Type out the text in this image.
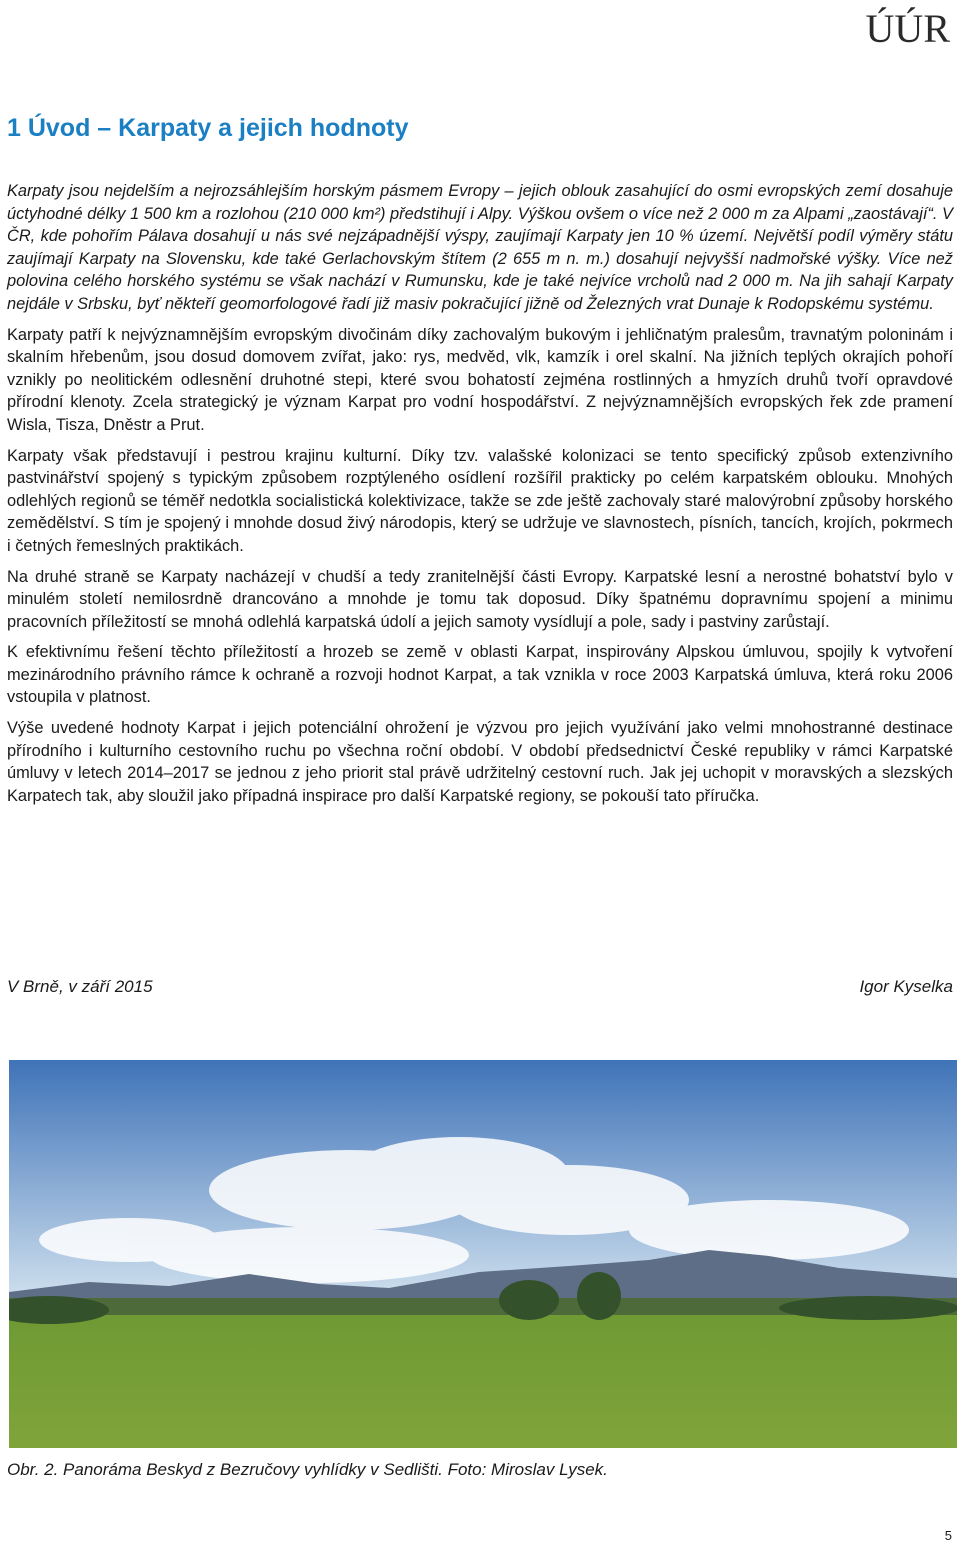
ÚÚR
1 Úvod – Karpaty a jejich hodnoty

Karpaty jsou nejdelším a nejrozsáhlejším horským pásmem Evropy – jejich oblouk zasahující do osmi evropských zemí dosahuje úctyhodné délky 1 500 km a rozlohou (210 000 km²) předstihují i Alpy. Výškou ovšem o více než 2 000 m za Alpami „zaostávají“. V ČR, kde pohořím Pálava dosahují u nás své nejzápadnější výspy, zaujímají Karpaty jen 10 % území. Největší podíl výměry státu zaujímají Karpaty na Slovensku, kde také Gerlachovským štítem (2 655 m n. m.) dosahují nejvyšší nadmořské výšky. Více než polovina celého horského systému se však nachází v Rumunsku, kde je také nejvíce vrcholů nad 2 000 m. Na jih sahají Karpaty nejdále v Srbsku, byť někteří geomorfologové řadí již masiv pokračující jižně od Železných vrat Dunaje k Rodopskému systému.

Karpaty patří k nejvýznamnějším evropským divočinám díky zachovalým bukovým i jehličnatým pralesům, travnatým poloninám i skalním hřebenům, jsou dosud domovem zvířat, jako: rys, medvěd, vlk, kamzík i orel skalní. Na jižních teplých okrajích pohoří vznikly po neolitickém odlesnění druhotné stepi, které svou bohatostí zejména rostlinných a hmyzích druhů tvoří opravdové přírodní klenoty. Zcela strategický je význam Karpat pro vodní hospodářství. Z nejvýznamnějších evropských řek zde pramení Wisla, Tisza, Dněstr a Prut.

Karpaty však představují i pestrou krajinu kulturní. Díky tzv. valašské kolonizaci se tento specifický způsob extenzivního pastvinářství spojený s typickým způsobem rozptýleného osídlení rozšířil prakticky po celém karpatském oblouku. Mnohých odlehlých regionů se téměř nedotkla socialistická kolektivizace, takže se zde ještě zachovaly staré malovýrobní způsoby horského zemědělství. S tím je spojený i mnohde dosud živý národopis, který se udržuje ve slavnostech, písních, tancích, krojích, pokrmech i četných řemeslných praktikách.

Na druhé straně se Karpaty nacházejí v chudší a tedy zranitelnější části Evropy. Karpatské lesní a nerostné bohatství bylo v minulém století nemilosrdně drancováno a mnohde je tomu tak doposud. Díky špatnému dopravnímu spojení a minimu pracovních příležitostí se mnohá odlehlá karpatská údolí a jejich samoty vysídlují a pole, sady i pastviny zarůstají.

K efektivnímu řešení těchto příležitostí a hrozeb se země v oblasti Karpat, inspirovány Alpskou úmluvou, spojily k vytvoření mezinárodního právního rámce k ochraně a rozvoji hodnot Karpat, a tak vznikla v roce 2003 Karpatská úmluva, která roku 2006 vstoupila v platnost.

Výše uvedené hodnoty Karpat i jejich potenciální ohrožení je výzvou pro jejich využívání jako velmi mnohostranné destinace přírodního i kulturního cestovního ruchu po všechna roční období. V období předsednictví České republiky v rámci Karpatské úmluvy v letech 2014–2017 se jednou z jeho priorit stal právě udržitelný cestovní ruch. Jak jej uchopit v moravských a slezských Karpatech tak, aby sloužil jako případná inspirace pro další Karpatské regiony, se pokouší tato příručka.

V Brně, v září 2015	Igor Kyselka
Obr. 2. Panoráma Beskyd z Bezručovy vyhlídky v Sedlišti. Foto: Miroslav Lysek.
5
